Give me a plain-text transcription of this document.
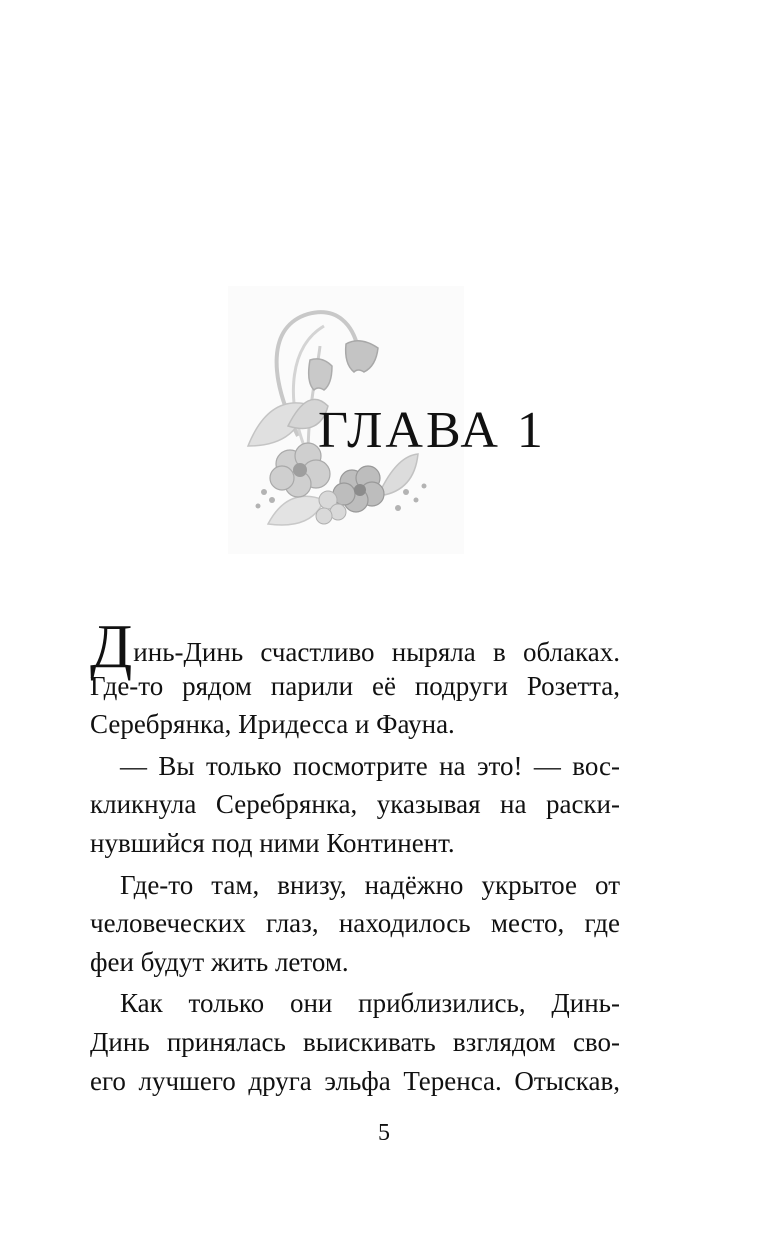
ГЛАВА 1
Динь-Динь счастливо ныряла в облаках.
Где-то рядом парили её подруги Розетта,
Серебрянка, Иридесса и Фауна.
— Вы только посмотрите на это! — вос-
кликнула Серебрянка, указывая на раски-
нувшийся под ними Континент.
Где-то там, внизу, надёжно укрытое от
человеческих глаз, находилось место, где
феи будут жить летом.
Как только они приблизились, Динь-
Динь принялась выискивать взглядом сво-
его лучшего друга эльфа Теренса. Отыскав,
5
